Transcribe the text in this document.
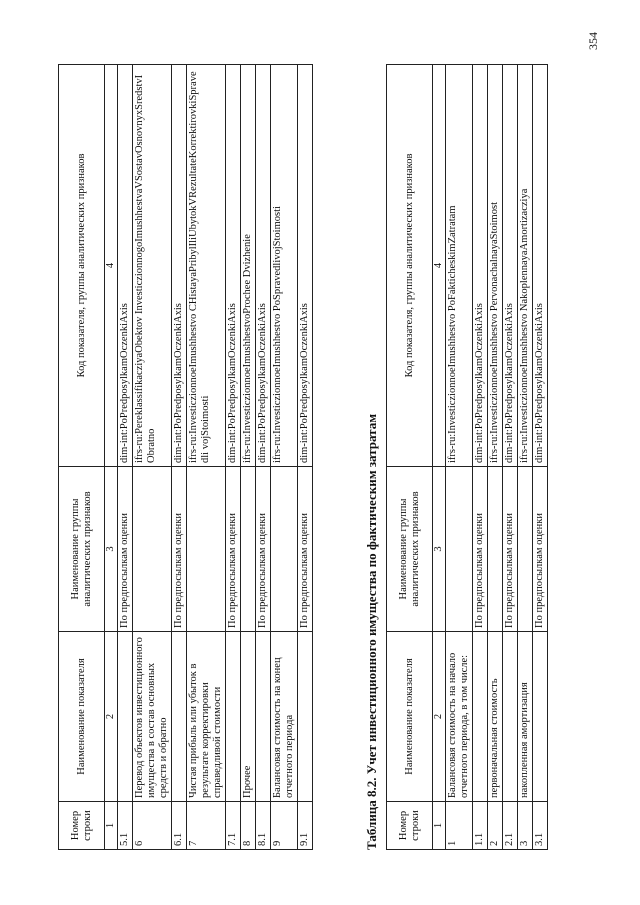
354
Номер строки	Наименование показателя	Наименование группы аналитических признаков	Код показателя, группы аналитических признаков
1	2	3	4
5.1		По предпосылкам оценки	dim-int:PoPredposylkamOczenkiAxis
6	Перевод объектов инвестиционного имущества в состав основных средств и обратно		ifrs-ru:PereklassifikacziyaObektov InvesticzionnogoImushhestvaVSostavOsnovnyxSredstvI Obratno
6.1		По предпосылкам оценки	dim-int:PoPredposylkamOczenkiAxis
7	Чистая прибыль или убыток в результате корректировки справедливой стоимости		ifrs-ru:InvesticzionnoeImushhestvo CHistayaPribylIliUbytokVRezultateKorrektirovkiSpravedli vojStoimosti
7.1		По предпосылкам оценки	dim-int:PoPredposylkamOczenkiAxis
8	Прочее		ifrs-ru:InvesticzionnoeImushhestvoProchee Dvizhenie
8.1		По предпосылкам оценки	dim-int:PoPredposylkamOczenkiAxis
9	Балансовая стоимость на конец отчетного периода		ifrs-ru:InvesticzionnoeImushhestvo PoSpravedlivojStoimosti
9.1		По предпосылкам оценки	dim-int:PoPredposylkamOczenkiAxis
Таблица 8.2. Учет инвестиционного имущества по фактическим затратам Номер строки	Наименование показателя	Наименование группы аналитических признаков	Код показателя, группы аналитических признаков
1	2	3	4
1	Балансовая стоимость на начало отчетного периода, в том числе:		ifrs-ru:InvesticzionnoeImushhestvo PoFakticheskimZatratam
1.1		По предпосылкам оценки	dim-int:PoPredposylkamOczenkiAxis
2	первоначальная стоимость		ifrs-ru:InvesticzionnoeImushhestvo PervonachalnayaStoimost
2.1		По предпосылкам оценки	dim-int:PoPredposylkamOczenkiAxis
3	накопленная амортизация		ifrs-ru:InvesticzionnoeImushhestvo NakoplennayaAmortizacziya
3.1		По предпосылкам оценки	dim-int:PoPredposylkamOczenkiAxis
